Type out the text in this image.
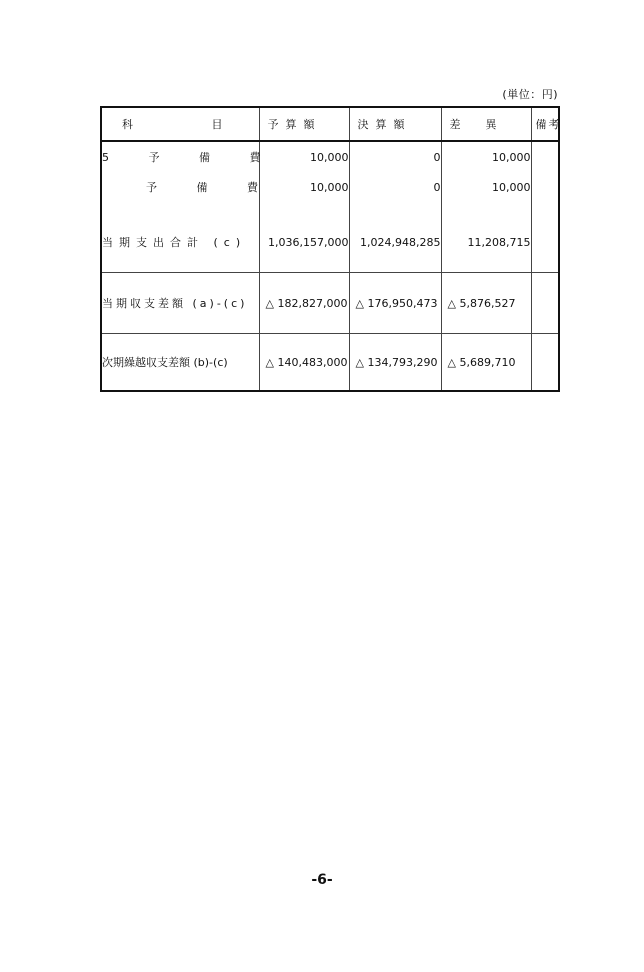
(単位：円)
科 目	予算額	決算額	差　異	備考
5 予 備 費	10,000	0	10,000	
予 備 費	10,000	0	10,000	

当期支出合計 (c)	1,036,157,000	1,024,948,285	11,208,715	
当期収支差額 (a)-(c)	△ 182,827,000	△ 176,950,473	△ 5,876,527	
次期繰越収支差額 (b)-(c)	△ 140,483,000	△ 134,793,290	△ 5,689,710	
-6-
